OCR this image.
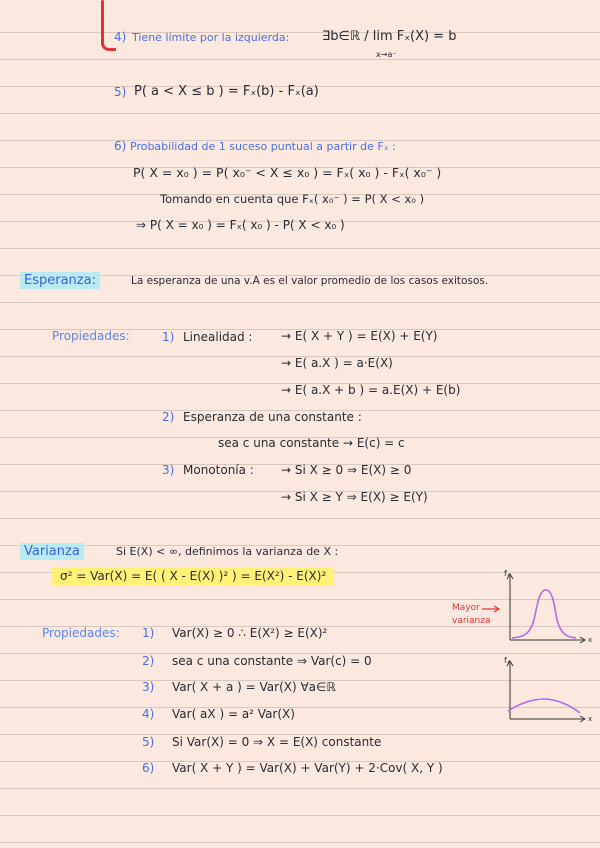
4) Tiene límite por la izquierda:	∃b∈ℝ / lim Fₓ(X) = b
x→a⁻
5) P( a < X ≤ b ) = Fₓ(b) - Fₓ(a)
6) Probabilidad de 1 suceso puntual a partir de Fₓ :
P( X = x₀ ) = P( x₀⁻ < X ≤ x₀ ) = Fₓ( x₀ ) - Fₓ( x₀⁻ )
Tomando en cuenta que Fₓ( x₀⁻ ) = P( X < x₀ )
⇒ P( X = x₀ ) = Fₓ( x₀ ) - P( X < x₀ )
Esperanza:	La esperanza de una v.A es el valor promedio de los casos exitosos.
Propiedades:	1) Linealidad : → E( X + Y ) = E(X) + E(Y)
→ E( a.X ) = a·E(X)
→ E( a.X + b ) = a.E(X) + E(b)
2) Esperanza de una constante :
sea c una constante → E(c) = c
3) Monotonía : → Si X ≥ 0 ⇒ E(X) ≥ 0
→ Si X ≥ Y ⇒ E(X) ≥ E(Y)
Varianza	Si E(X) < ∞, definimos la varianza de X :
σ² = Var(X) = E( ( X - E(X) )² ) = E(X²) - E(X)²
Propiedades: 1) Var(X) ≥ 0 ∴ E(X²) ≥ E(X)²
2) sea c una constante ⇒ Var(c) = 0
3) Var( X + a ) = Var(X) ∀a∈ℝ
4) Var( aX ) = a² Var(X)
5) Si Var(X) = 0 ⇒ X = E(X) constante
6) Var( X + Y ) = Var(X) + Var(Y) + 2·Cov( X, Y )
Mayor
varianza
fₓ
x
fₓ
x
